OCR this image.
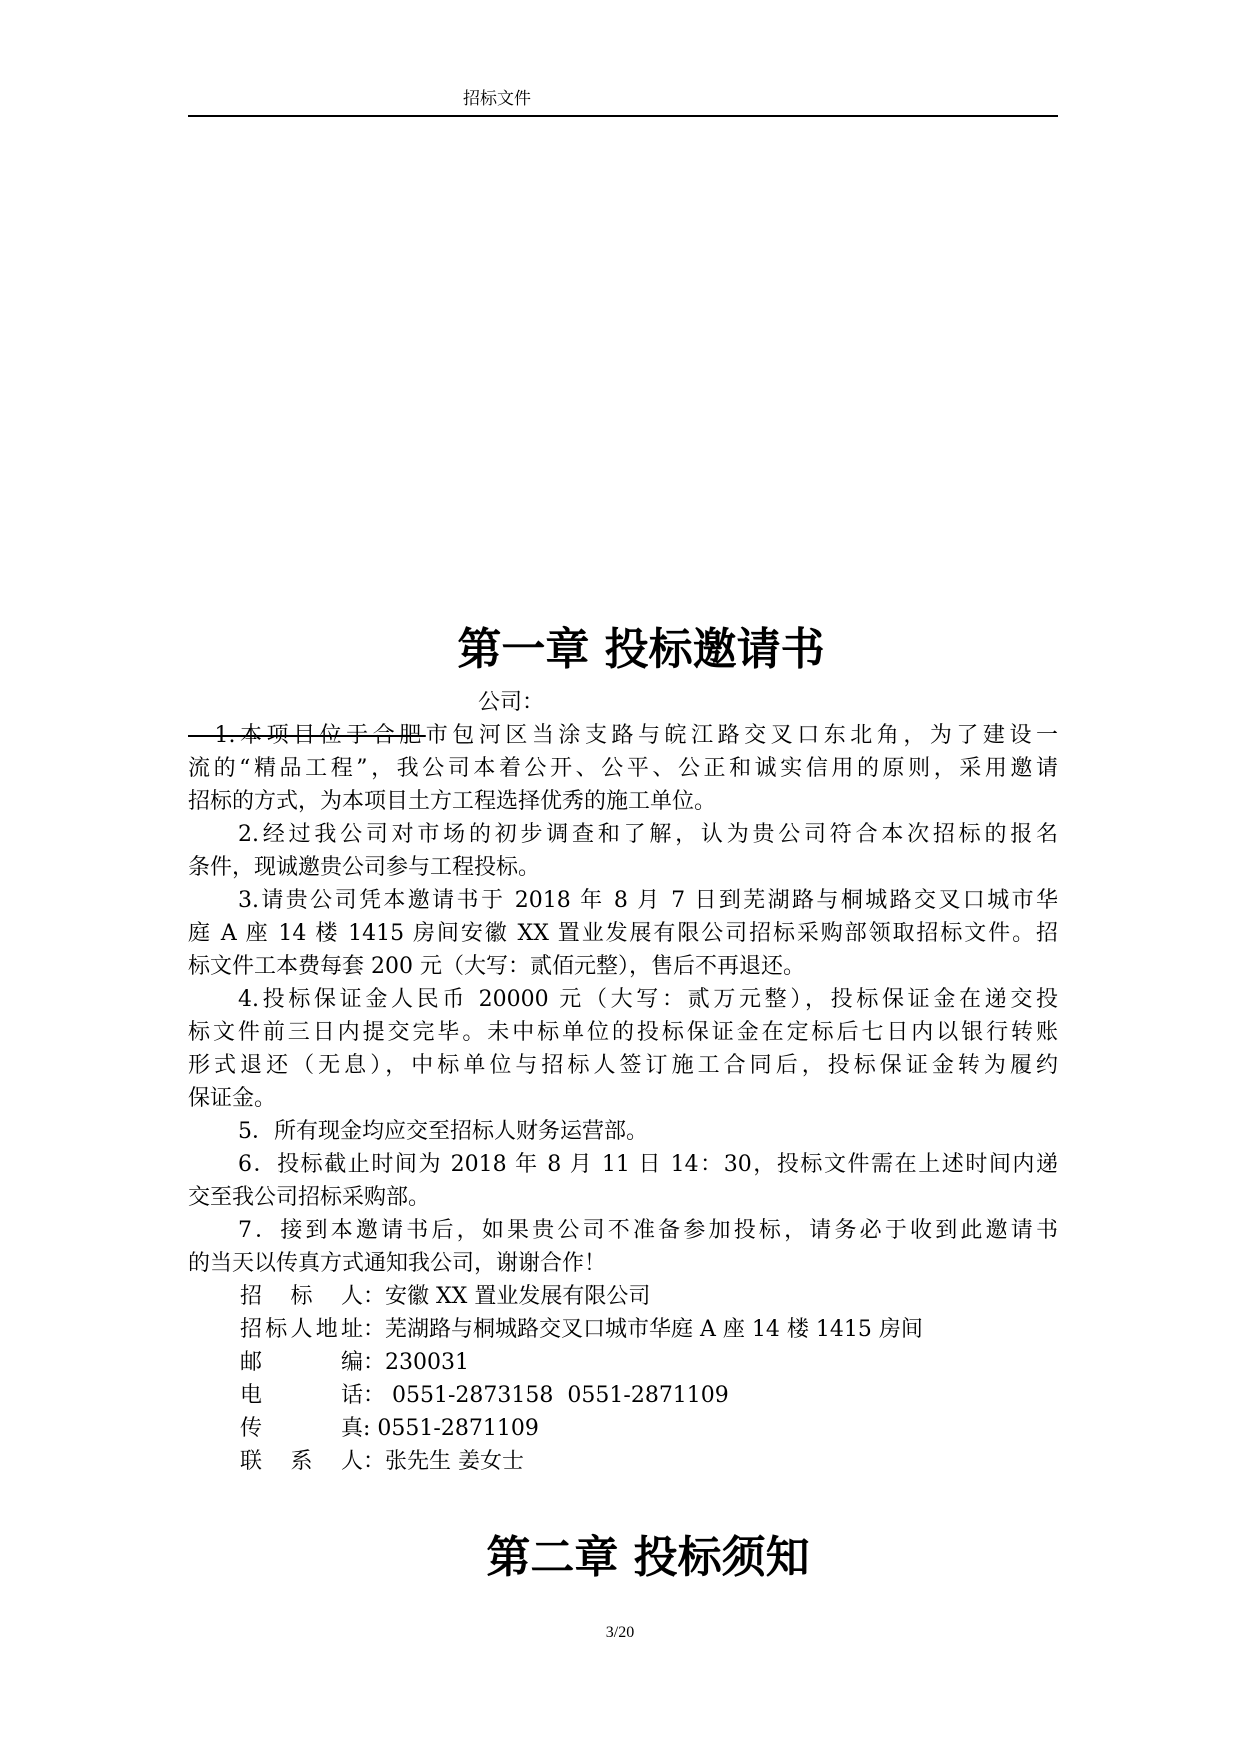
招标文件
第一章 投标邀请书
公司：
　1.本项目位于合肥市包河区当涂支路与皖江路交叉口东北角，为了建设一
流的“精品工程”，我公司本着公开、公平、公正和诚实信用的原则，采用邀请
招标的方式，为本项目土方工程选择优秀的施工单位。
2.经过我公司对市场的初步调查和了解，认为贵公司符合本次招标的报名
条件，现诚邀贵公司参与工程投标。
3.请贵公司凭本邀请书于 2018 年 8 月 7 日到芜湖路与桐城路交叉口城市华
庭 A 座 14 楼 1415 房间安徽 XX 置业发展有限公司招标采购部领取招标文件。招
标文件工本费每套 200 元（大写：贰佰元整），售后不再退还。
4.投标保证金人民币 20000 元（大写：贰万元整），投标保证金在递交投
标文件前三日内提交完毕。未中标单位的投标保证金在定标后七日内以银行转账
形式退还（无息），中标单位与招标人签订施工合同后，投标保证金转为履约
保证金。
5．所有现金均应交至招标人财务运营部。
6．投标截止时间为 2018 年 8 月 11 日 14：30，投标文件需在上述时间内递
交至我公司招标采购部。
7．接到本邀请书后，如果贵公司不准备参加投标，请务必于收到此邀请书
的当天以传真方式通知我公司，谢谢合作！
招标人：安徽 XX 置业发展有限公司
招标人地址：芜湖路与桐城路交叉口城市华庭 A 座 14 楼 1415 房间
邮编：230031
电话： 0551-2873158  0551-2871109
传真: 0551-2871109
联系人：张先生 姜女士
第二章 投标须知
3/20
